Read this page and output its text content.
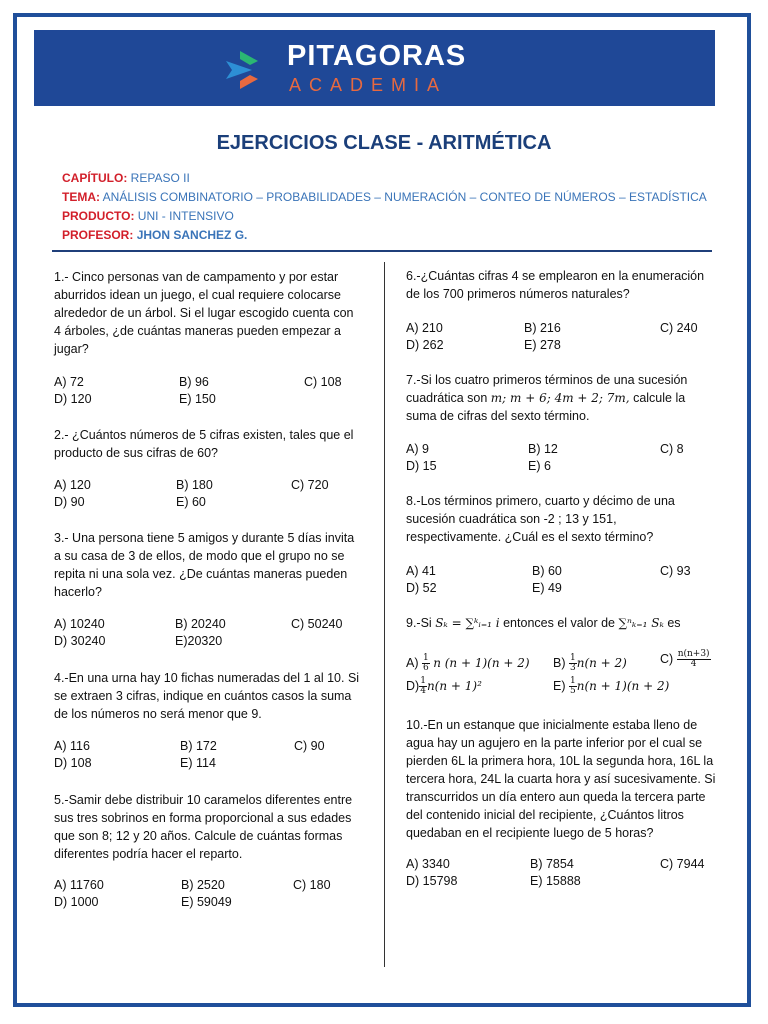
PITAGORAS
ACADEMIA
EJERCICIOS CLASE - ARITMÉTICA
CAPÍTULO: REPASO II
TEMA: ANÁLISIS COMBINATORIO – PROBABILIDADES – NUMERACIÓN – CONTEO DE NÚMEROS – ESTADÍSTICA
PRODUCTO: UNI - INTENSIVO
PROFESOR: JHON SANCHEZ G.
1.- Cinco personas van de campamento y por estar aburridos idean un juego, el cual requiere colocarse alrededor de un árbol. Si el lugar escogido cuenta con 4 árboles, ¿de cuántas maneras pueden empezar a jugar?
A) 72	B) 96	C) 108
D) 120	E) 150
2.- ¿Cuántos números de 5 cifras existen, tales que el producto de sus cifras de 60?
A) 120	B) 180	C) 720
D) 90	E) 60
3.- Una persona tiene 5 amigos y durante 5 días invita a su casa de 3 de ellos, de modo que el grupo no se repita ni una sola vez. ¿De cuántas maneras pueden hacerlo?
A) 10240	B) 20240	C) 50240
D) 30240	E)20320
4.-En una urna hay 10 fichas numeradas del 1 al 10. Si se extraen 3 cifras, indique en cuántos casos la suma de los números no será menor que 9.
A) 116	B) 172	C) 90
D) 108	E) 114
5.-Samir debe distribuir 10 caramelos diferentes entre sus tres sobrinos en forma proporcional a sus edades que son 8; 12 y 20 años. Calcule de cuántas formas diferentes podría hacer el reparto.
A) 11760	B) 2520	C) 180
D) 1000	E) 59049
6.-¿Cuántas cifras 4 se emplearon en la enumeración de los 700 primeros números naturales?
A) 210	B) 216	C) 240
D) 262	E) 278
7.-Si los cuatro primeros términos de una sucesión cuadrática son m; m + 6; 4m + 2; 7m, calcule la suma de cifras del sexto término.
A) 9	B) 12	C) 8
D) 15	E) 6
8.-Los términos primero, cuarto y décimo de una sucesión cuadrática son -2 ; 13 y 151, respectivamente. ¿Cuál es el sexto término?
A) 41	B) 60	C) 93
D) 52	E) 49
9.-Si Sₖ = ∑ᵏᵢ₌₁ i entonces el valor de ∑ⁿₖ₌₁ Sₖ es
$A) \frac{1}{6}$ n (n + 1)(n + 2) $B) \frac{1}{3} n(n + 2)$	$C) \frac{n(n+3)}{4}$
$D) \frac{1}{4} n(n + 1)^2$	$E) \frac{1}{5} n(n + 1)(n + 2)$
10.-En un estanque que inicialmente estaba lleno de agua hay un agujero en la parte inferior por el cual se pierden 6L la primera hora, 10L la segunda hora, 16L la tercera hora, 24L la cuarta hora y así sucesivamente. Si transcurridos un día entero aun queda la tercera parte del contenido inicial del recipiente, ¿Cuántos litros quedaban en el recipiente luego de 5 horas?
A) 3340	B) 7854	C) 7944
D) 15798	E) 15888
